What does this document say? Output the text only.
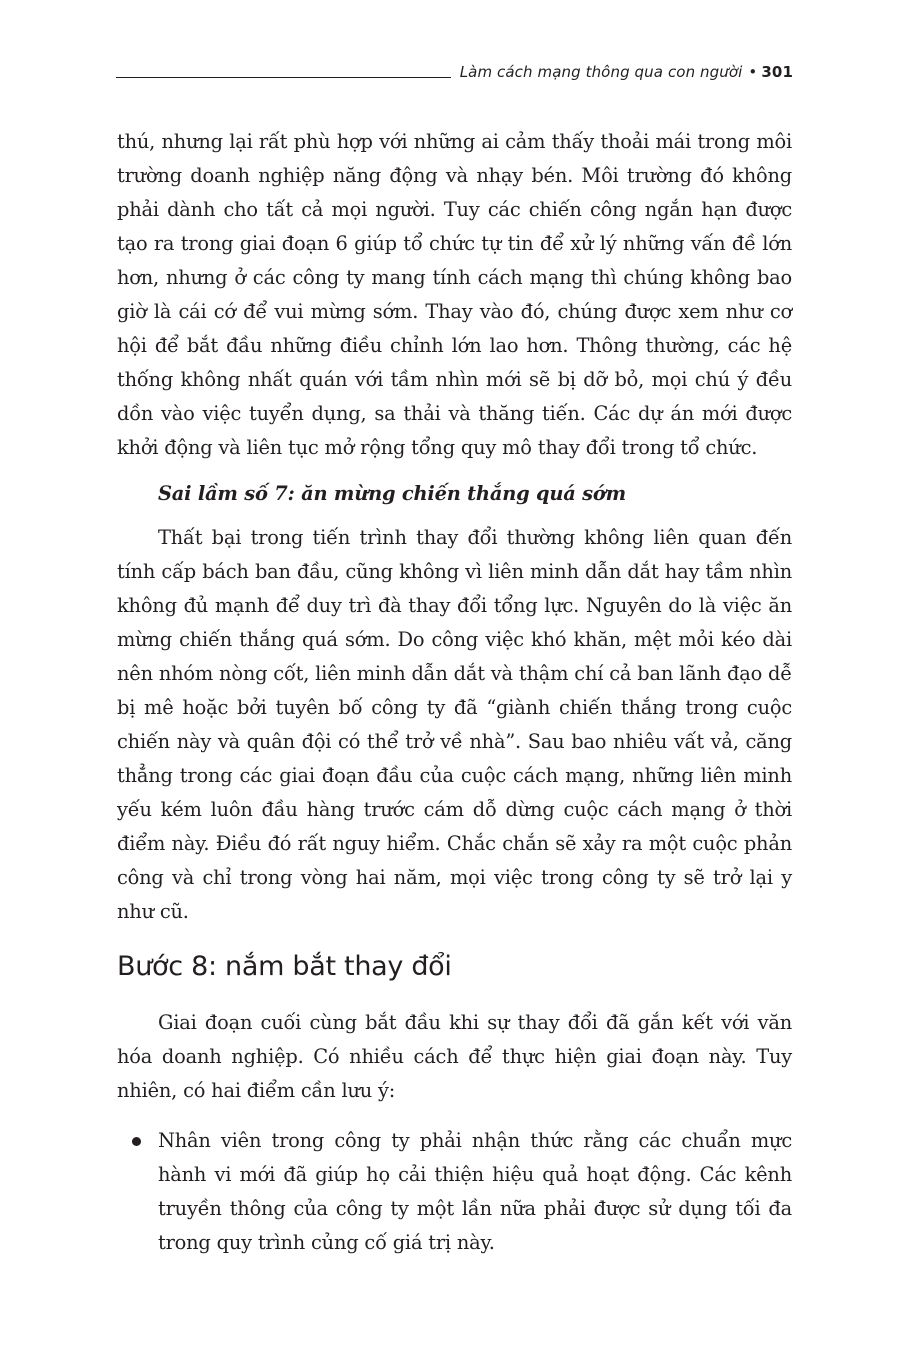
Làm cách mạng thông qua con người • 301

thú, nhưng lại rất phù hợp với những ai cảm thấy thoải mái trong môi trường doanh nghiệp năng động và nhạy bén. Môi trường đó không phải dành cho tất cả mọi người. Tuy các chiến công ngắn hạn được tạo ra trong giai đoạn 6 giúp tổ chức tự tin để xử lý những vấn đề lớn hơn, nhưng ở các công ty mang tính cách mạng thì chúng không bao giờ là cái cớ để vui mừng sớm. Thay vào đó, chúng được xem như cơ hội để bắt đầu những điều chỉnh lớn lao hơn. Thông thường, các hệ thống không nhất quán với tầm nhìn mới sẽ bị dỡ bỏ, mọi chú ý đều dồn vào việc tuyển dụng, sa thải và thăng tiến. Các dự án mới được khởi động và liên tục mở rộng tổng quy mô thay đổi trong tổ chức.

Sai lầm số 7: ăn mừng chiến thắng quá sớm

Thất bại trong tiến trình thay đổi thường không liên quan đến tính cấp bách ban đầu, cũng không vì liên minh dẫn dắt hay tầm nhìn không đủ mạnh để duy trì đà thay đổi tổng lực. Nguyên do là việc ăn mừng chiến thắng quá sớm. Do công việc khó khăn, mệt mỏi kéo dài nên nhóm nòng cốt, liên minh dẫn dắt và thậm chí cả ban lãnh đạo dễ bị mê hoặc bởi tuyên bố công ty đã “giành chiến thắng trong cuộc chiến này và quân đội có thể trở về nhà”. Sau bao nhiêu vất vả, căng thẳng trong các giai đoạn đầu của cuộc cách mạng, những liên minh yếu kém luôn đầu hàng trước cám dỗ dừng cuộc cách mạng ở thời điểm này. Điều đó rất nguy hiểm. Chắc chắn sẽ xảy ra một cuộc phản công và chỉ trong vòng hai năm, mọi việc trong công ty sẽ trở lại y như cũ.

Bước 8: nắm bắt thay đổi

Giai đoạn cuối cùng bắt đầu khi sự thay đổi đã gắn kết với văn hóa doanh nghiệp. Có nhiều cách để thực hiện giai đoạn này. Tuy nhiên, có hai điểm cần lưu ý:

Nhân viên trong công ty phải nhận thức rằng các chuẩn mực hành vi mới đã giúp họ cải thiện hiệu quả hoạt động. Các kênh truyền thông của công ty một lần nữa phải được sử dụng tối đa trong quy trình củng cố giá trị này.
